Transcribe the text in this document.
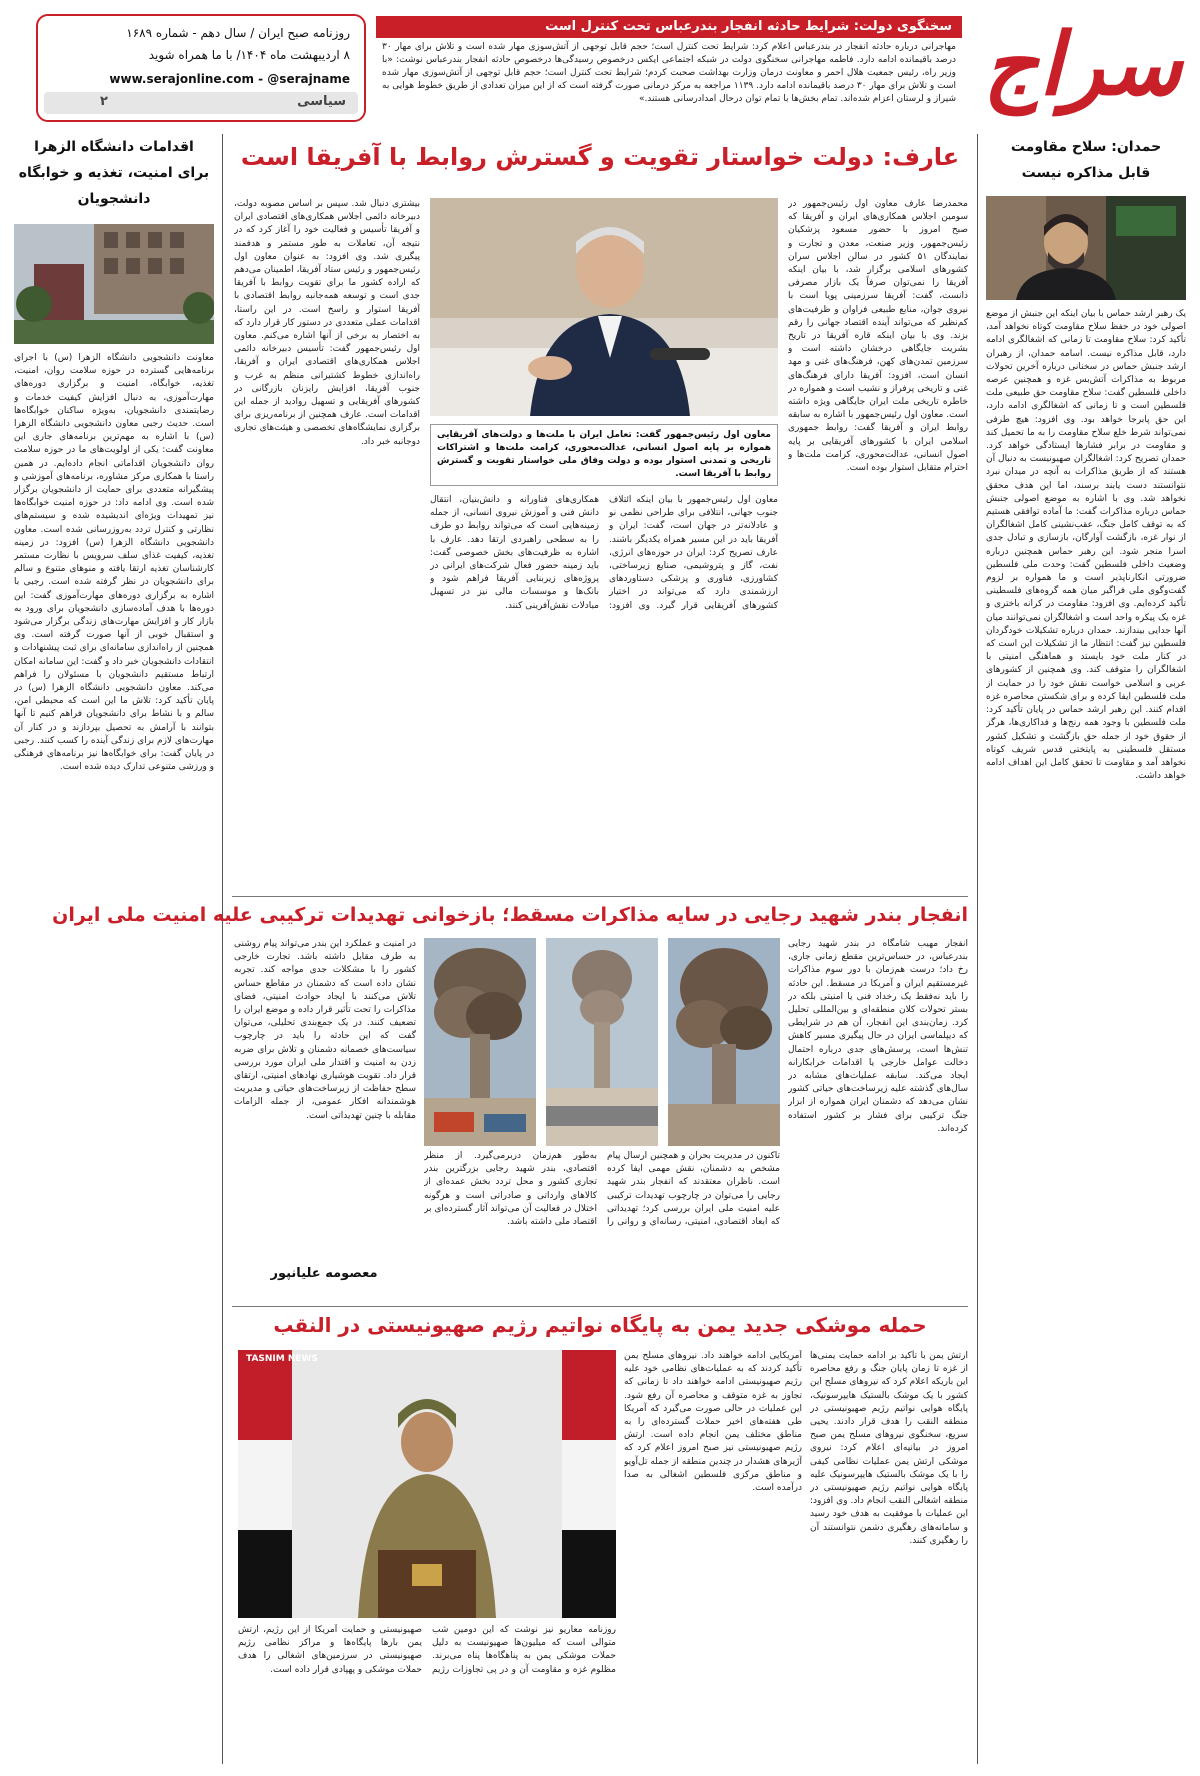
روزنامه صبح ایران / سال دهم - شماره ۱۶۸۹
۸ اردیبهشت ماه ۱۴۰۴/ با ما همراه شوید
www.serajonline.com - @serajname
سیاسی
۲
سخنگوی دولت: شرایط حادثه انفجار بندرعباس تحت کنترل است
مهاجرانی درباره حادثه انفجار در بندرعباس اعلام کرد: شرایط تحت کنترل است؛ حجم قابل توجهی از آتش‌سوزی مهار شده است و تلاش برای مهار ۳۰ درصد باقیمانده ادامه دارد. فاطمه مهاجرانی سخنگوی دولت در شبکه اجتماعی ایکس درخصوص رسیدگی‌ها درخصوص حادثه انفجار بندرعباس نوشت: «با وزیر راه، رئیس جمعیت هلال احمر و معاونت درمان وزارت بهداشت صحبت کردم؛ شرایط تحت کنترل است؛ حجم قابل توجهی از آتش‌سوزی مهار شده است و تلاش برای مهار ۳۰ درصد باقیمانده ادامه دارد. ۱۱۳۹ مراجعه به مرکز درمانی صورت گرفته است که از این میزان تعدادی از طریق خطوط هوایی به شیراز و لرستان اعزام شده‌اند. تمام بخش‌ها با تمام توان درحال امدادرسانی هستند.» سراج
حمدان: سلاح مقاومت
قابل مذاکره نیست
یک رهبر ارشد حماس با بیان اینکه این جنبش از موضع اصولی خود در حفظ سلاح مقاومت کوتاه نخواهد آمد، تأکید کرد: سلاح مقاومت تا زمانی که اشغالگری ادامه دارد، قابل مذاکره نیست. اسامه حمدان، از رهبران ارشد جنبش حماس در سخنانی درباره آخرین تحولات مربوط به مذاکرات آتش‌بس غزه و همچنین عرصه داخلی فلسطین گفت: سلاح مقاومت حق طبیعی ملت فلسطین است و تا زمانی که اشغالگری ادامه دارد، این حق پابرجا خواهد بود. وی افزود: هیچ طرفی نمی‌تواند شرط خلع سلاح مقاومت را به ما تحمیل کند و مقاومت در برابر فشارها ایستادگی خواهد کرد. حمدان تصریح کرد: اشغالگران صهیونیست به دنبال آن هستند که از طریق مذاکرات به آنچه در میدان نبرد نتوانستند دست یابند برسند، اما این هدف محقق نخواهد شد. وی با اشاره به موضع اصولی جنبش حماس درباره مذاکرات گفت: ما آماده توافقی هستیم که به توقف کامل جنگ، عقب‌نشینی کامل اشغالگران از نوار غزه، بازگشت آوارگان، بازسازی و تبادل جدی اسرا منجر شود. این رهبر حماس همچنین درباره وضعیت داخلی فلسطین گفت: وحدت ملی فلسطین ضرورتی انکارناپذیر است و ما همواره بر لزوم گفت‌وگوی ملی فراگیر میان همه گروه‌های فلسطینی تأکید کرده‌ایم. وی افزود: مقاومت در کرانه باختری و غزه یک پیکره واحد است و اشغالگران نمی‌توانند میان آنها جدایی بیندازند. حمدان درباره تشکیلات خودگردان فلسطین نیز گفت: انتظار ما از تشکیلات این است که در کنار ملت خود بایستد و هماهنگی امنیتی با اشغالگران را متوقف کند. وی همچنین از کشورهای عربی و اسلامی خواست نقش خود را در حمایت از ملت فلسطین ایفا کرده و برای شکستن محاصره غزه اقدام کنند. این رهبر ارشد حماس در پایان تأکید کرد: ملت فلسطین با وجود همه رنج‌ها و فداکاری‌ها، هرگز از حقوق خود از جمله حق بازگشت و تشکیل کشور مستقل فلسطینی به پایتختی قدس شریف کوتاه نخواهد آمد و مقاومت تا تحقق کامل این اهداف ادامه خواهد داشت.
اقدامات دانشگاه الزهرا
برای امنیت، تغذیه و خوابگاه
دانشجویان
معاونت دانشجویی دانشگاه الزهرا (س) با اجرای برنامه‌هایی گسترده در حوزه سلامت روان، امنیت، تغذیه، خوابگاه، امنیت و برگزاری دوره‌های مهارت‌آموزی، به دنبال افزایش کیفیت خدمات و رضایتمندی دانشجویان، به‌ویژه ساکنان خوابگاه‌ها است. حدیث رجبی معاون دانشجویی دانشگاه الزهرا (س) با اشاره به مهم‌ترین برنامه‌های جاری این معاونت گفت: یکی از اولویت‌های ما در حوزه سلامت روان دانشجویان اقداماتی انجام داده‌ایم. در همین راستا با همکاری مرکز مشاوره، برنامه‌های آموزشی و پیشگیرانه متعددی برای حمایت از دانشجویان برگزار شده است. وی ادامه داد: در حوزه امنیت خوابگاه‌ها نیز تمهیدات ویژه‌ای اندیشیده شده و سیستم‌های نظارتی و کنترل تردد به‌روزرسانی شده است. معاون دانشجویی دانشگاه الزهرا (س) افزود: در زمینه تغذیه، کیفیت غذای سلف سرویس با نظارت مستمر کارشناسان تغذیه ارتقا یافته و منوهای متنوع و سالم برای دانشجویان در نظر گرفته شده است. رجبی با اشاره به برگزاری دوره‌های مهارت‌آموزی گفت: این دوره‌ها با هدف آماده‌سازی دانشجویان برای ورود به بازار کار و افزایش مهارت‌های زندگی برگزار می‌شود و استقبال خوبی از آنها صورت گرفته است. وی همچنین از راه‌اندازی سامانه‌ای برای ثبت پیشنهادات و انتقادات دانشجویان خبر داد و گفت: این سامانه امکان ارتباط مستقیم دانشجویان با مسئولان را فراهم می‌کند. معاون دانشجویی دانشگاه الزهرا (س) در پایان تأکید کرد: تلاش ما این است که محیطی امن، سالم و با نشاط برای دانشجویان فراهم کنیم تا آنها بتوانند با آرامش به تحصیل بپردازند و در کنار آن مهارت‌های لازم برای زندگی آینده را کسب کنند. رجبی در پایان گفت: برای خوابگاه‌ها نیز برنامه‌های فرهنگی و ورزشی متنوعی تدارک دیده شده است.
عارف: دولت خواستار تقویت و گسترش روابط با آفریقا است
معاون اول رئیس‌جمهور گفت: تعامل ایران با ملت‌ها و دولت‌های آفریقایی همواره بر پایه اصول انسانی، عدالت‌محوری، کرامت ملت‌ها و اشتراکات تاریخی و تمدنی استوار بوده و دولت وفاق ملی خواستار تقویت و گسترش روابط با آفریقا است.
محمدرضا عارف معاون اول رئیس‌جمهور در سومین اجلاس همکاری‌های ایران و آفریقا که صبح امروز با حضور مسعود پزشکیان رئیس‌جمهور، وزیر صنعت، معدن و تجارت و نمایندگان ۵۱ کشور در سالن اجلاس سران کشورهای اسلامی برگزار شد، با بیان اینکه آفریقا را نمی‌توان صرفاً یک بازار مصرفی دانست، گفت: آفریقا سرزمینی پویا است با نیروی جوان، منابع طبیعی فراوان و ظرفیت‌های کم‌نظیر که می‌تواند آینده اقتصاد جهانی را رقم بزند. وی با بیان اینکه قاره آفریقا در تاریخ بشریت جایگاهی درخشان داشته است و سرزمین تمدن‌های کهن، فرهنگ‌های غنی و مهد انسان است، افزود: آفریقا دارای فرهنگ‌های غنی و تاریخی پرفراز و نشیب است و همواره در خاطره تاریخی ملت ایران جایگاهی ویژه داشته است. معاون اول رئیس‌جمهور با اشاره به سابقه روابط ایران و آفریقا گفت: روابط جمهوری اسلامی ایران با کشورهای آفریقایی بر پایه اصول انسانی، عدالت‌محوری، کرامت ملت‌ها و احترام متقابل استوار بوده است.
معاون اول رئیس‌جمهور با بیان اینکه ائتلاف جنوب جهانی، انتلافی برای طراحی نظمی نو و عادلانه‌تر در جهان است، گفت: ایران و آفریقا باید در این مسیر همراه یکدیگر باشند. عارف تصریح کرد: ایران در حوزه‌های انرژی، نفت، گاز و پتروشیمی، صنایع زیرساختی، کشاورزی، فناوری و پزشکی دستاوردهای ارزشمندی دارد که می‌تواند در اختیار کشورهای آفریقایی قرار گیرد. وی افزود: همکاری‌های فناورانه و دانش‌بنیان، انتقال دانش فنی و آموزش نیروی انسانی، از جمله زمینه‌هایی است که می‌تواند روابط دو طرف را به سطحی راهبردی ارتقا دهد. عارف با اشاره به ظرفیت‌های بخش خصوصی گفت: باید زمینه حضور فعال شرکت‌های ایرانی در پروژه‌های زیربنایی آفریقا فراهم شود و بانک‌ها و موسسات مالی نیز در تسهیل مبادلات نقش‌آفرینی کنند.
بیشتری دنبال شد. سپس بر اساس مصوبه دولت، دبیرخانه دائمی اجلاس همکاری‌های اقتصادی ایران و آفریقا تأسیس و فعالیت خود را آغاز کرد که در نتیجه آن، تعاملات به طور مستمر و هدفمند پیگیری شد. وی افزود: به عنوان معاون اول رئیس‌جمهور و رئیس ستاد آفریقا، اطمینان می‌دهم که اراده کشور ما برای تقویت روابط با آفریقا جدی است و توسعه همه‌جانبه روابط اقتصادی با آفریقا استوار و راسخ است. در این راستا، اقدامات عملی متعددی در دستور کار قرار دارد که به اختصار به برخی از آنها اشاره می‌کنم. معاون اول رئیس‌جمهور گفت: تأسیس دبیرخانه دائمی اجلاس همکاری‌های اقتصادی ایران و آفریقا، راه‌اندازی خطوط کشتیرانی منظم به غرب و جنوب آفریقا، افزایش رایزنان بازرگانی در کشورهای آفریقایی و تسهیل روادید از جمله این اقدامات است. عارف همچنین از برنامه‌ریزی برای برگزاری نمایشگاه‌های تخصصی و هیئت‌های تجاری دوجانبه خبر داد.
انفجار بندر شهید رجایی در سایه مذاکرات مسقط؛ بازخوانی تهدیدات ترکیبی علیه امنیت ملی ایران
تاکنون در مدیریت بحران و همچنین ارسال پیام مشخص به دشمنان، نقش مهمی ایفا کرده است. ناظران معتقدند که انفجار بندر شهید رجایی را می‌توان در چارچوب تهدیدات ترکیبی علیه امنیت ملی ایران بررسی کرد؛ تهدیداتی که ابعاد اقتصادی، امنیتی، رسانه‌ای و روانی را به‌طور هم‌زمان دربرمی‌گیرد. از منظر اقتصادی، بندر شهید رجایی بزرگترین بندر تجاری کشور و محل تردد بخش عمده‌ای از کالاهای وارداتی و صادراتی است و هرگونه اختلال در فعالیت آن می‌تواند آثار گسترده‌ای بر اقتصاد ملی داشته باشد.
انفجار مهیب شامگاه در بندر شهید رجایی بندرعباس، در حساس‌ترین مقطع زمانی جاری، رخ داد؛ درست هم‌زمان با دور سوم مذاکرات غیرمستقیم ایران و آمریکا در مسقط. این حادثه را باید نه‌فقط یک رخداد فنی یا امنیتی بلکه در بستر تحولات کلان منطقه‌ای و بین‌المللی تحلیل کرد. زمان‌بندی این انفجار، آن هم در شرایطی که دیپلماسی ایران در حال پیگیری مسیر کاهش تنش‌ها است، پرسش‌های جدی درباره احتمال دخالت عوامل خارجی یا اقدامات خرابکارانه ایجاد می‌کند. سابقه عملیات‌های مشابه در سال‌های گذشته علیه زیرساخت‌های حیاتی کشور نشان می‌دهد که دشمنان ایران همواره از ابزار جنگ ترکیبی برای فشار بر کشور استفاده کرده‌اند.
در امنیت و عملکرد این بندر می‌تواند پیام روشنی به طرف مقابل داشته باشد. تجارت خارجی کشور را با مشکلات جدی مواجه کند. تجربه نشان داده است که دشمنان در مقاطع حساس تلاش می‌کنند با ایجاد حوادث امنیتی، فضای مذاکرات را تحت تأثیر قرار داده و موضع ایران را تضعیف کنند. در یک جمع‌بندی تحلیلی، می‌توان گفت که این حادثه را باید در چارچوب سیاست‌های خصمانه دشمنان و تلاش برای ضربه زدن به امنیت و اقتدار ملی ایران مورد بررسی قرار داد. تقویت هوشیاری نهادهای امنیتی، ارتقای سطح حفاظت از زیرساخت‌های حیاتی و مدیریت هوشمندانه افکار عمومی، از جمله الزامات مقابله با چنین تهدیداتی است.
معصومه علیانپور
حمله موشکی جدید یمن به پایگاه نواتیم رژیم صهیونیستی در النقب
TASNIM NEWS	ارتش یمن با تأکید بر ادامه حمایت یمنی‌ها از غزه تا زمان پایان جنگ و رفع محاصره این باریکه اعلام کرد که نیروهای مسلح این کشور با یک موشک بالستیک هایپرسونیک، پایگاه هوایی نواتیم رژیم صهیونیستی در منطقه النقب را هدف قرار دادند. یحیی سریع، سخنگوی نیروهای مسلح یمن صبح امروز در بیانیه‌ای اعلام کرد: نیروی موشکی ارتش یمن عملیات نظامی کیفی را با یک موشک بالستیک هایپرسونیک علیه پایگاه هوایی نواتیم رژیم صهیونیستی در منطقه اشغالی النقب انجام داد. وی افزود: این عملیات با موفقیت به هدف خود رسید و سامانه‌های رهگیری دشمن نتوانستند آن را رهگیری کنند.
آمریکایی ادامه خواهند داد. نیروهای مسلح یمن تأکید کردند که به عملیات‌های نظامی خود علیه رژیم صهیونیستی ادامه خواهند داد تا زمانی که تجاوز به غزه متوقف و محاصره آن رفع شود. این عملیات در حالی صورت می‌گیرد که آمریکا طی هفته‌های اخیر حملات گسترده‌ای را به مناطق مختلف یمن انجام داده است. ارتش رژیم صهیونیستی نیز صبح امروز اعلام کرد که آژیرهای هشدار در چندین منطقه از جمله تل‌آویو و مناطق مرکزی فلسطین اشغالی به صدا درآمده است.
روزنامه معاریو نیز نوشت که این دومین شب متوالی است که میلیون‌ها صهیونیست به دلیل حملات موشکی یمن به پناهگاه‌ها پناه می‌برند. مظلوم غزه و مقاومت آن و در پی تجاوزات رژیم صهیونیستی و حمایت آمریکا از این رژیم، ارتش یمن بارها پایگاه‌ها و مراکز نظامی رژیم صهیونیستی در سرزمین‌های اشغالی را هدف حملات موشکی و پهپادی قرار داده است.
